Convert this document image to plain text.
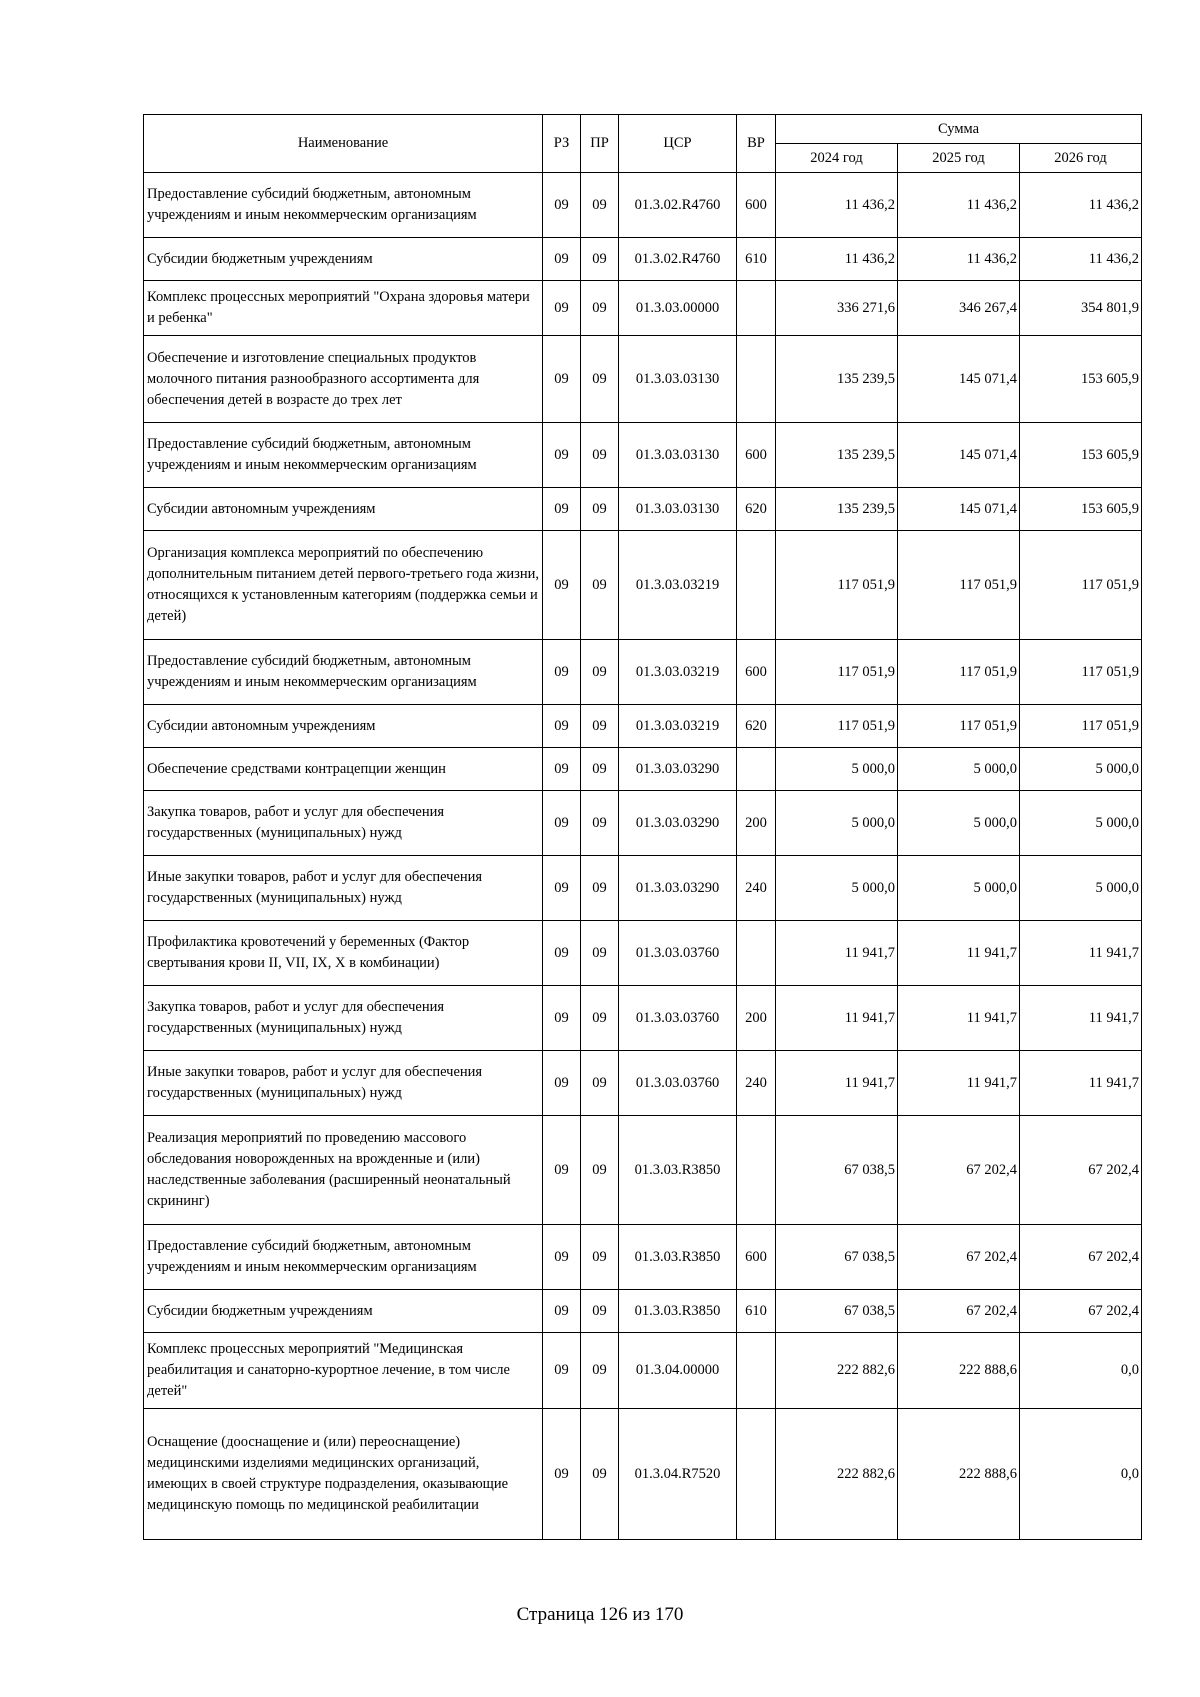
Наименование	РЗ	ПР	ЦСР	ВР	Сумма		
					2024 год	2025 год	2026 год
Предоставление субсидий бюджетным, автономным учреждениям и иным некоммерческим организациям	09	09	01.3.02.R4760	600	11 436,2	11 436,2	11 436,2
Субсидии бюджетным учреждениям	09	09	01.3.02.R4760	610	11 436,2	11 436,2	11 436,2
Комплекс процессных мероприятий "Охрана здоровья матери и ребенка"	09	09	01.3.03.00000		336 271,6	346 267,4	354 801,9
Обеспечение и изготовление специальных продуктов молочного питания разнообразного ассортимента для обеспечения детей в возрасте до трех лет	09	09	01.3.03.03130		135 239,5	145 071,4	153 605,9
Предоставление субсидий бюджетным, автономным учреждениям и иным некоммерческим организациям	09	09	01.3.03.03130	600	135 239,5	145 071,4	153 605,9
Субсидии автономным учреждениям	09	09	01.3.03.03130	620	135 239,5	145 071,4	153 605,9
Организация комплекса мероприятий по обеспечению дополнительным питанием детей первого-третьего года жизни, относящихся к установленным категориям (поддержка семьи и детей)	09	09	01.3.03.03219		117 051,9	117 051,9	117 051,9
Предоставление субсидий бюджетным, автономным учреждениям и иным некоммерческим организациям	09	09	01.3.03.03219	600	117 051,9	117 051,9	117 051,9
Субсидии автономным учреждениям	09	09	01.3.03.03219	620	117 051,9	117 051,9	117 051,9
Обеспечение средствами контрацепции женщин	09	09	01.3.03.03290		5 000,0	5 000,0	5 000,0
Закупка товаров, работ и услуг для обеспечения государственных (муниципальных) нужд	09	09	01.3.03.03290	200	5 000,0	5 000,0	5 000,0
Иные закупки товаров, работ и услуг для обеспечения государственных (муниципальных) нужд	09	09	01.3.03.03290	240	5 000,0	5 000,0	5 000,0
Профилактика кровотечений у беременных (Фактор свертывания крови II, VII, IX, X в комбинации)	09	09	01.3.03.03760		11 941,7	11 941,7	11 941,7
Закупка товаров, работ и услуг для обеспечения государственных (муниципальных) нужд	09	09	01.3.03.03760	200	11 941,7	11 941,7	11 941,7
Иные закупки товаров, работ и услуг для обеспечения государственных (муниципальных) нужд	09	09	01.3.03.03760	240	11 941,7	11 941,7	11 941,7
Реализация мероприятий по проведению массового обследования новорожденных на врожденные и (или) наследственные заболевания (расширенный неонатальный скрининг)	09	09	01.3.03.R3850		67 038,5	67 202,4	67 202,4
Предоставление субсидий бюджетным, автономным учреждениям и иным некоммерческим организациям	09	09	01.3.03.R3850	600	67 038,5	67 202,4	67 202,4
Субсидии бюджетным учреждениям	09	09	01.3.03.R3850	610	67 038,5	67 202,4	67 202,4
Комплекс процессных мероприятий "Медицинская реабилитация и санаторно-курортное лечение, в том числе детей"	09	09	01.3.04.00000		222 882,6	222 888,6	0,0
Оснащение (дооснащение и (или) переоснащение) медицинскими изделиями медицинских организаций, имеющих в своей структуре подразделения, оказывающие медицинскую помощь по медицинской реабилитации	09	09	01.3.04.R7520		222 882,6	222 888,6	0,0
Страница 126 из 170
